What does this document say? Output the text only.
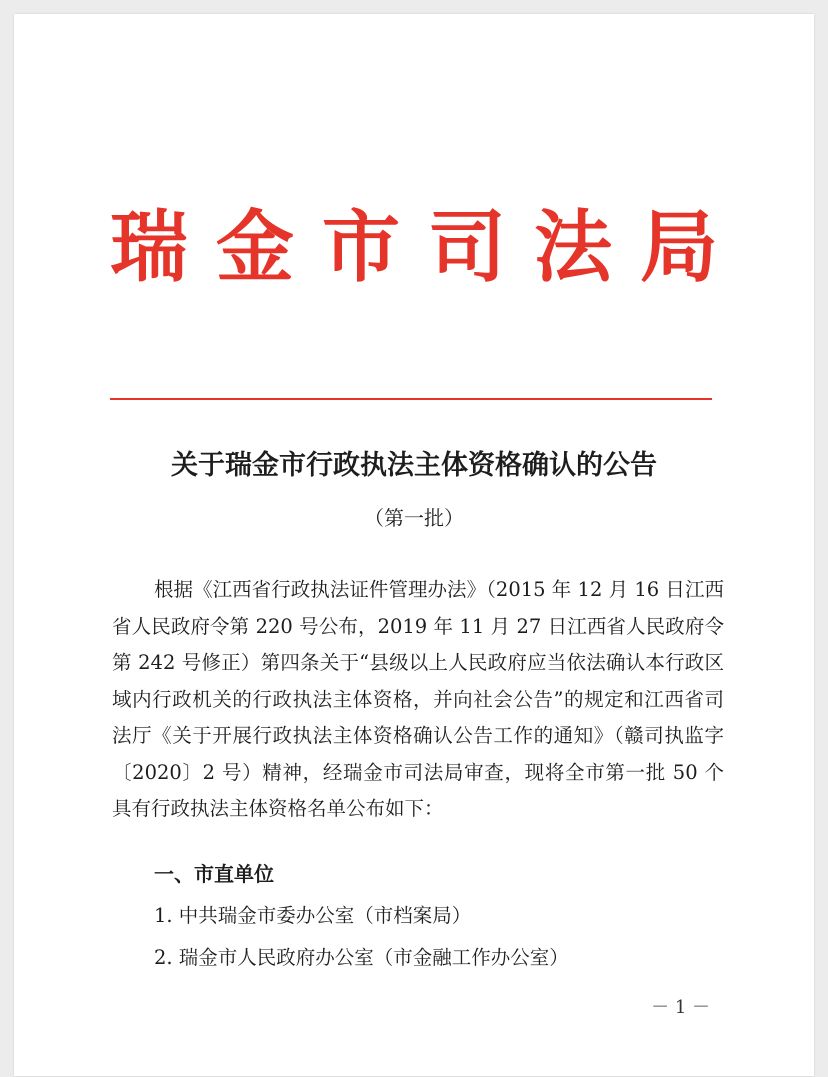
瑞金市司法局
关于瑞金市行政执法主体资格确认的公告
（第一批）

根据《江西省行政执法证件管理办法》（2015 年 12 月 16 日江西省人民政府令第 220 号公布，2019 年 11 月 27 日江西省人民政府令第 242 号修正）第四条关于“县级以上人民政府应当依法确认本行政区域内行政机关的行政执法主体资格，并向社会公告”的规定和江西省司法厅《关于开展行政执法主体资格确认公告工作的通知》（赣司执监字〔2020〕2 号）精神，经瑞金市司法局审查，现将全市第一批 50 个具有行政执法主体资格名单公布如下：

一、市直单位
1. 中共瑞金市委办公室（市档案局）
2. 瑞金市人民政府办公室（市金融工作办公室）
－ 1 －
